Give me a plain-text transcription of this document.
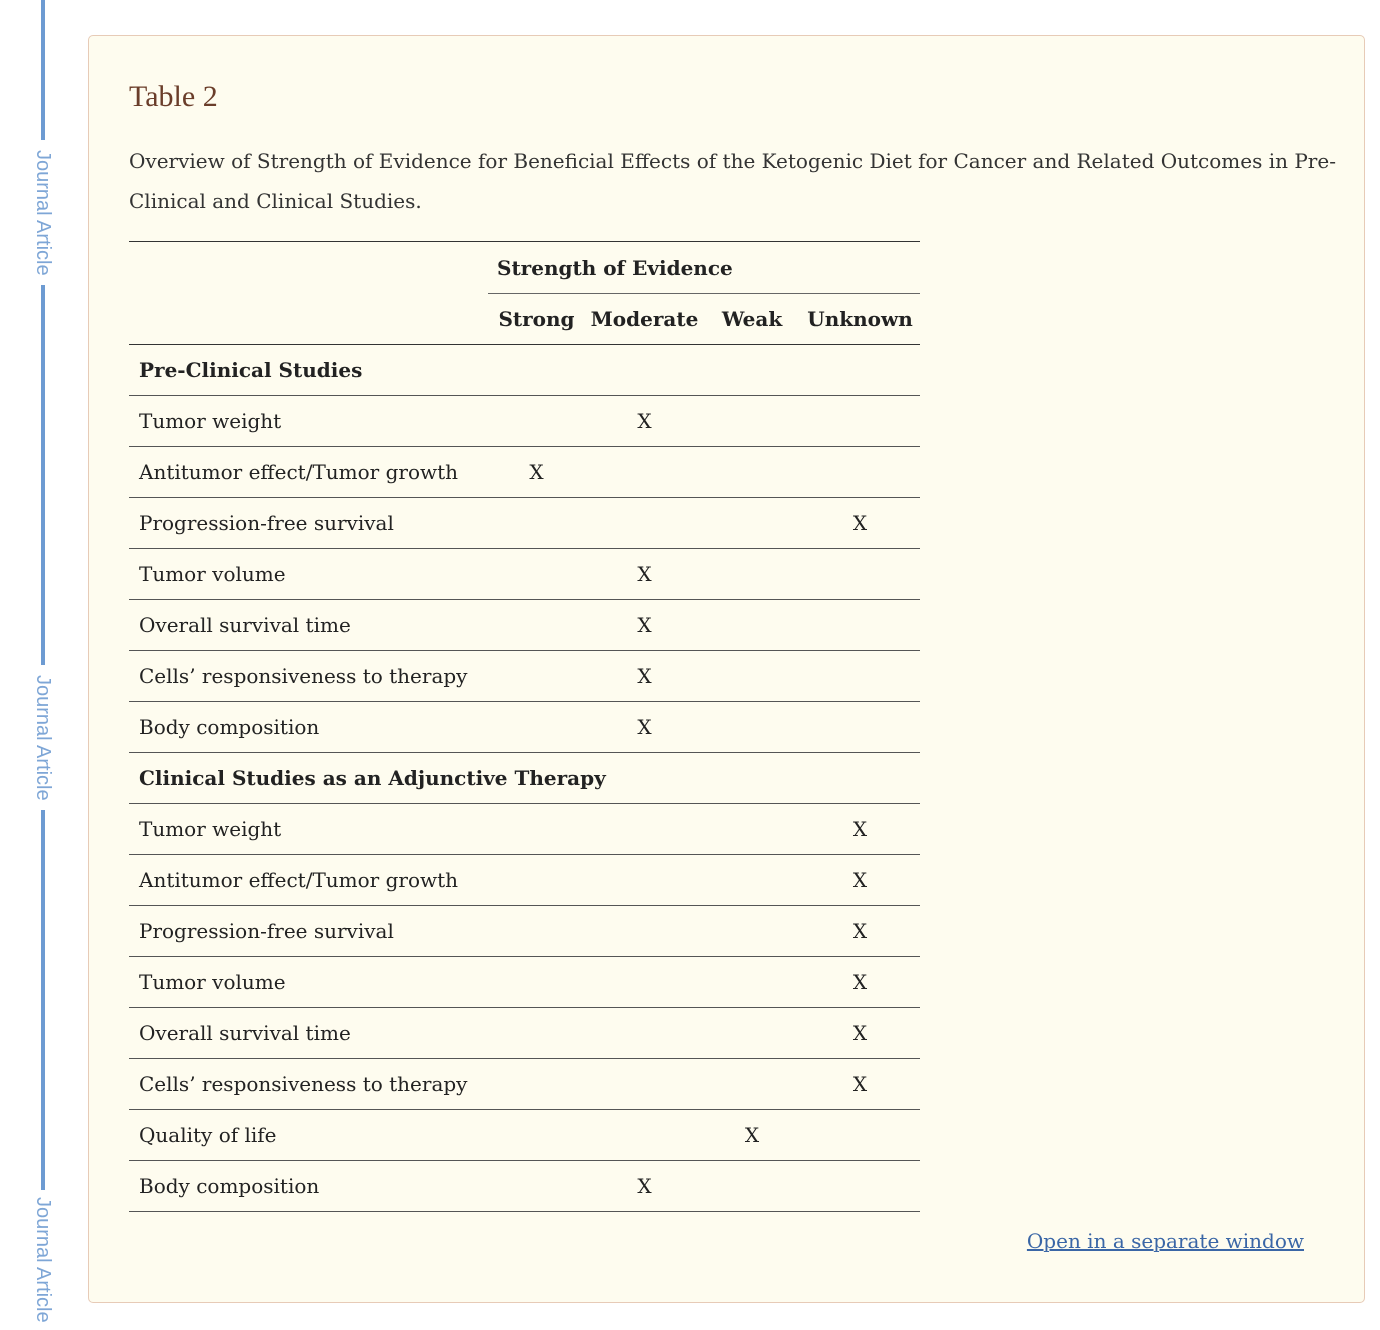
Journal Article
Journal Article
Journal Article
Table 2

Overview of Strength of Evidence for Beneficial Effects of the Ketogenic Diet for Cancer and Related Outcomes in Pre-Clinical and Clinical Studies.

	Strength of Evidence			
	Strong	Moderate	Weak	Unknown
Pre-Clinical Studies				
Tumor weight		X		
Antitumor effect/Tumor growth	X			
Progression-free survival				X
Tumor volume		X		
Overall survival time		X		
Cells’ responsiveness to therapy		X		
Body composition		X		
Clinical Studies as an Adjunctive Therapy				
Tumor weight				X
Antitumor effect/Tumor growth				X
Progression-free survival				X
Tumor volume				X
Overall survival time				X
Cells’ responsiveness to therapy				X
Quality of life			X	
Body composition		X		
Open in a separate window
